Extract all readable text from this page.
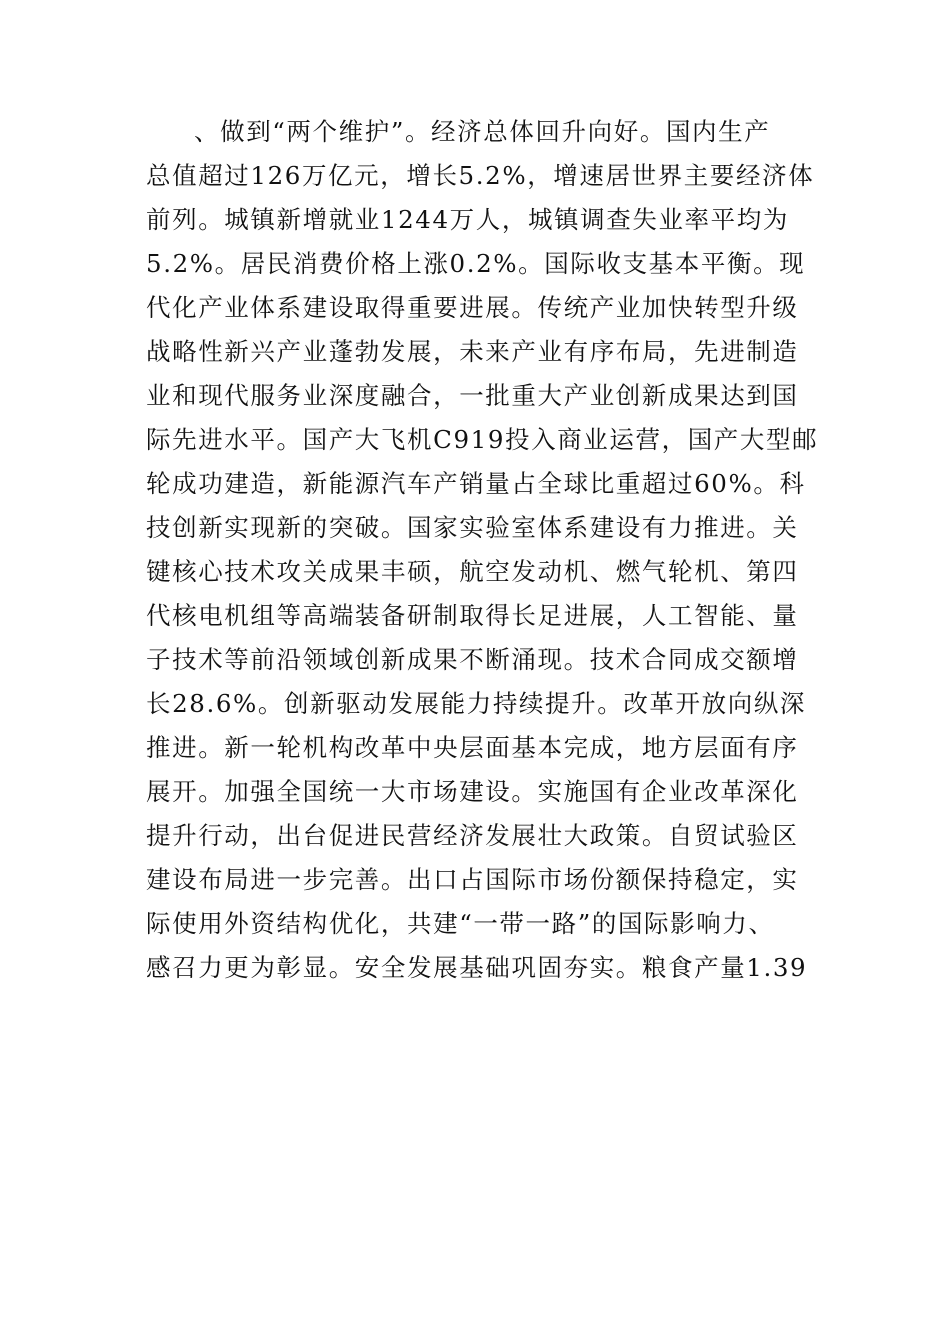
、做到“两个维护”。经济总体回升向好。国内生产
总值超过126万亿元，增长5.2%，增速居世界主要经济体
前列。城镇新增就业1244万人，城镇调查失业率平均为
5.2%。居民消费价格上涨0.2%。国际收支基本平衡。现
代化产业体系建设取得重要进展。传统产业加快转型升级
战略性新兴产业蓬勃发展，未来产业有序布局，先进制造
业和现代服务业深度融合，一批重大产业创新成果达到国
际先进水平。国产大飞机C919投入商业运营，国产大型邮
轮成功建造，新能源汽车产销量占全球比重超过60%。科
技创新实现新的突破。国家实验室体系建设有力推进。关
键核心技术攻关成果丰硕，航空发动机、燃气轮机、第四
代核电机组等高端装备研制取得长足进展，人工智能、量
子技术等前沿领域创新成果不断涌现。技术合同成交额增
长28.6%。创新驱动发展能力持续提升。改革开放向纵深
推进。新一轮机构改革中央层面基本完成，地方层面有序
展开。加强全国统一大市场建设。实施国有企业改革深化
提升行动，出台促进民营经济发展壮大政策。自贸试验区
建设布局进一步完善。出口占国际市场份额保持稳定，实
际使用外资结构优化，共建“一带一路”的国际影响力、
感召力更为彰显。安全发展基础巩固夯实。粮食产量1.39
